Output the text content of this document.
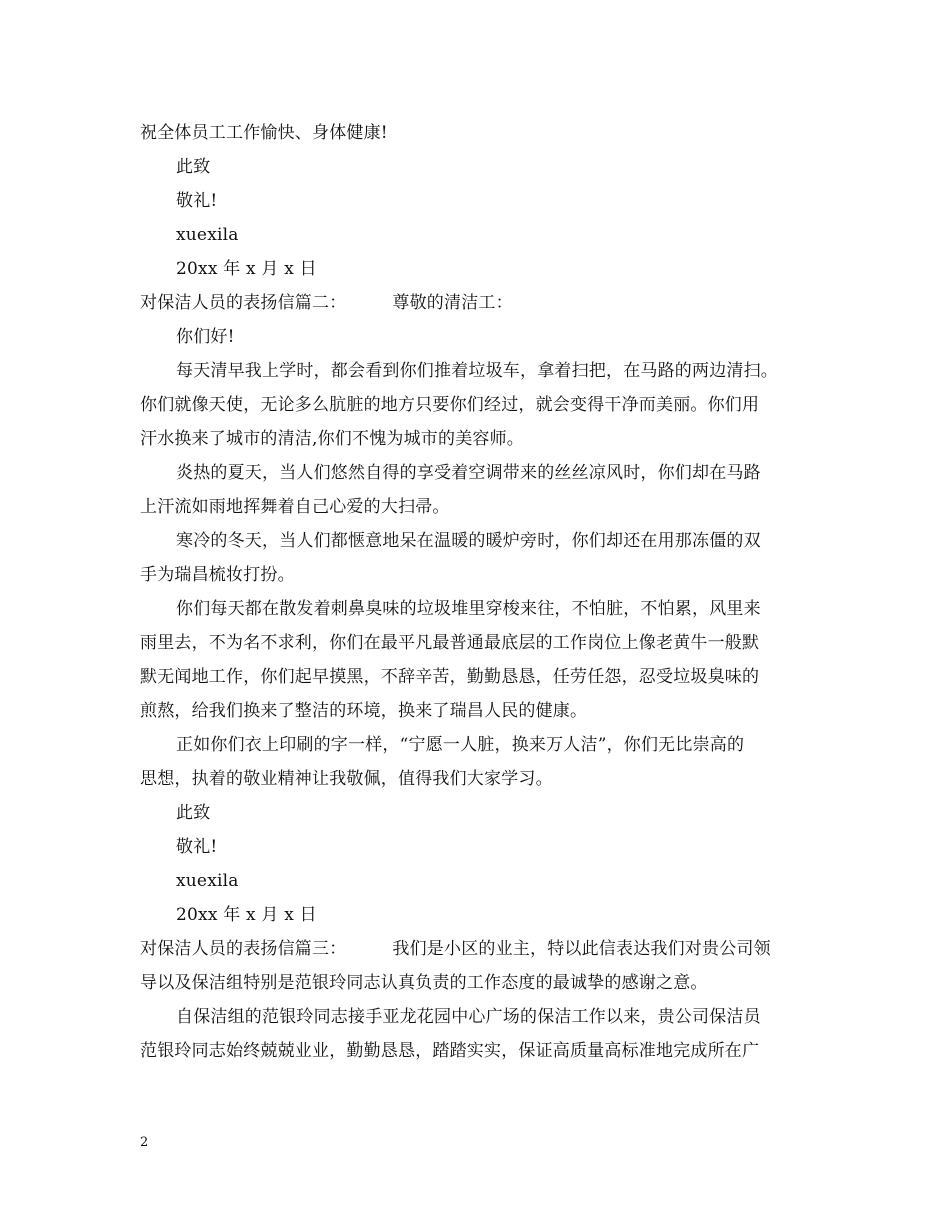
祝全体员工工作愉快、身体健康!
此致
敬礼!
xuexila
20xx 年 x 月 x 日
对保洁人员的表扬信篇二：	尊敬的清洁工：
你们好!
每天清早我上学时，都会看到你们推着垃圾车，拿着扫把，在马路的两边清扫。
你们就像天使，无论多么肮脏的地方只要你们经过，就会变得干净而美丽。你们用
汗水换来了城市的清洁,你们不愧为城市的美容师。
炎热的夏天，当人们悠然自得的享受着空调带来的丝丝凉风时，你们却在马路
上汗流如雨地挥舞着自己心爱的大扫帚。
寒冷的冬天，当人们都惬意地呆在温暖的暖炉旁时，你们却还在用那冻僵的双
手为瑞昌梳妆打扮。
你们每天都在散发着刺鼻臭味的垃圾堆里穿梭来往，不怕脏，不怕累，风里来
雨里去，不为名不求利，你们在最平凡最普通最底层的工作岗位上像老黄牛一般默
默无闻地工作，你们起早摸黑，不辞辛苦，勤勤恳恳，任劳任怨，忍受垃圾臭味的
煎熬，给我们换来了整洁的环境，换来了瑞昌人民的健康。
正如你们衣上印刷的字一样，“宁愿一人脏，换来万人洁”，你们无比崇高的
思想，执着的敬业精神让我敬佩，值得我们大家学习。
此致
敬礼!
xuexila
20xx 年 x 月 x 日
对保洁人员的表扬信篇三：	我们是小区的业主，特以此信表达我们对贵公司领
导以及保洁组特别是范银玲同志认真负责的工作态度的最诚挚的感谢之意。
自保洁组的范银玲同志接手亚龙花园中心广场的保洁工作以来，贵公司保洁员
范银玲同志始终兢兢业业，勤勤恳恳，踏踏实实，保证高质量高标准地完成所在广
2
